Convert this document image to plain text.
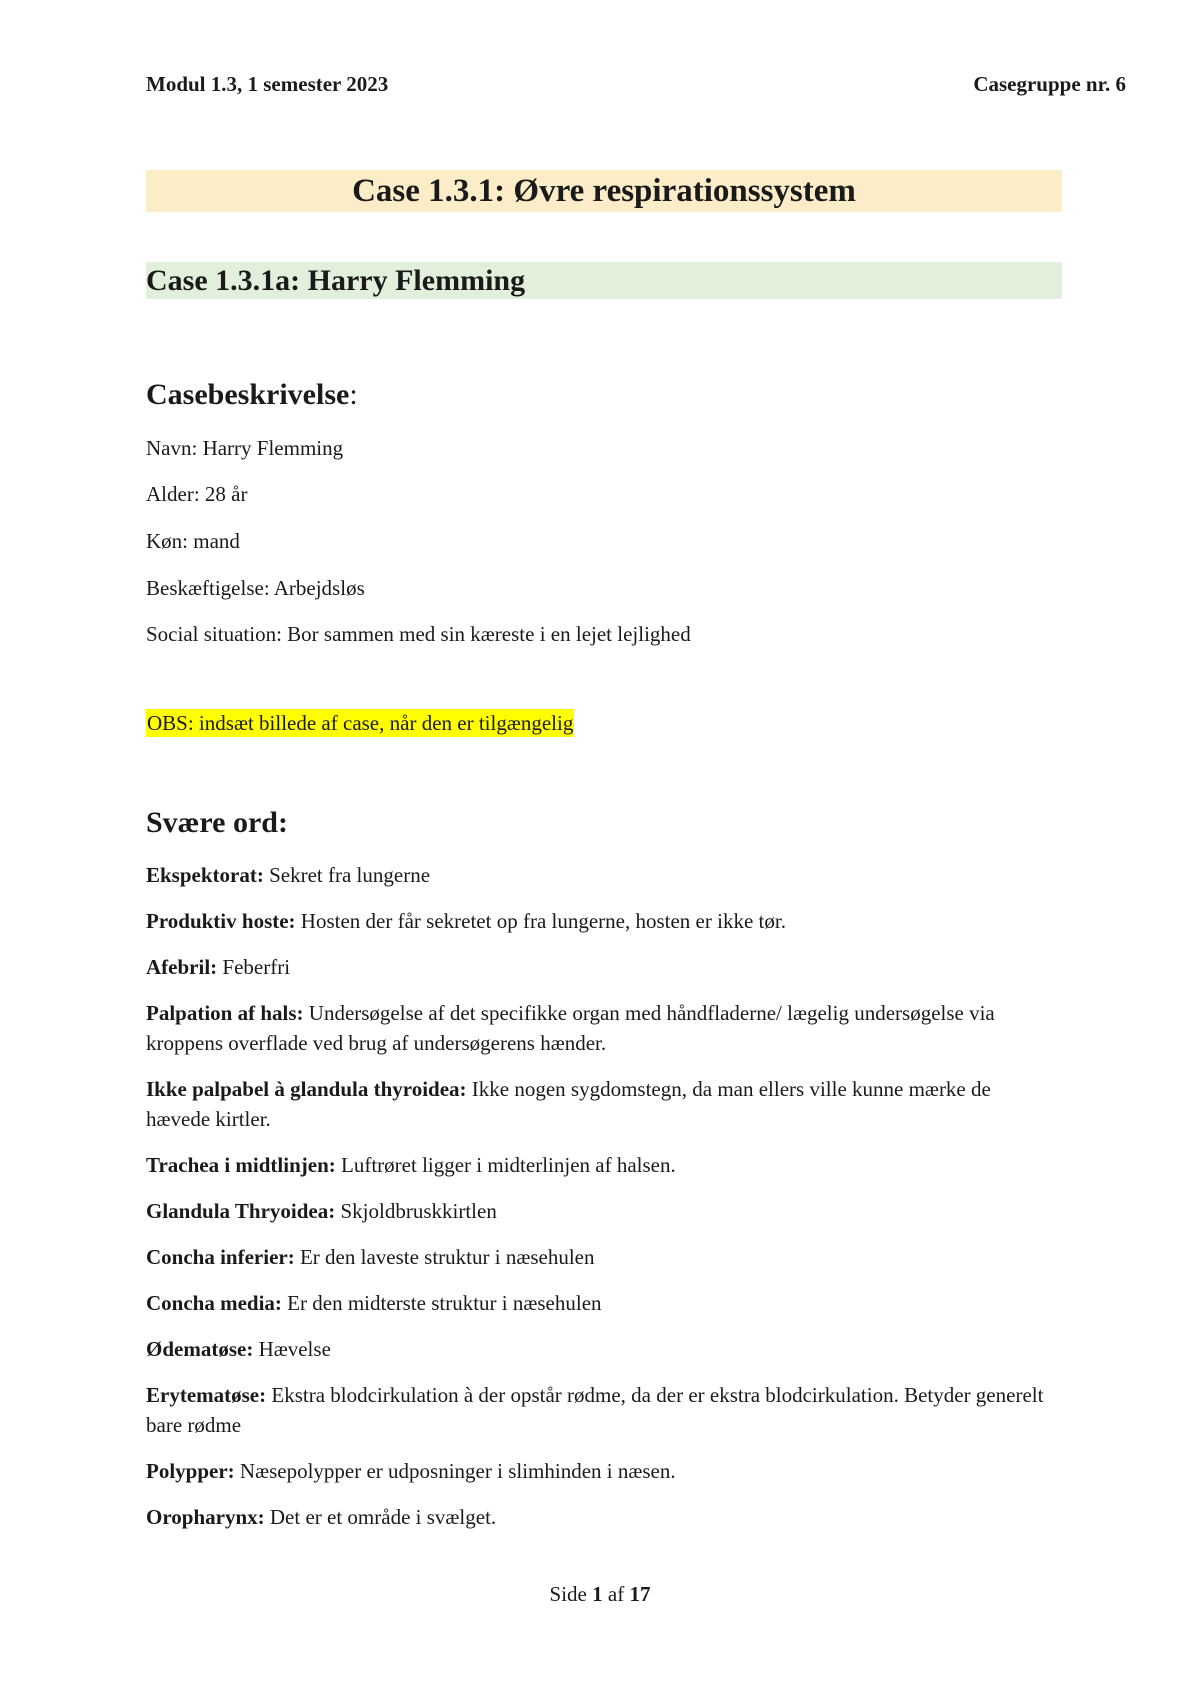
Modul 1.3, 1 semester 2023	Casegruppe nr. 6
Case 1.3.1: Øvre respirationssystem
Case 1.3.1a: Harry Flemming
Casebeskrivelse:
Navn: Harry Flemming
Alder: 28 år
Køn: mand
Beskæftigelse: Arbejdsløs
Social situation: Bor sammen med sin kæreste i en lejet lejlighed
OBS: indsæt billede af case, når den er tilgængelig
Svære ord:
Ekspektorat: Sekret fra lungerne
Produktiv hoste: Hosten der får sekretet op fra lungerne, hosten er ikke tør.
Afebril: Feberfri
Palpation af hals: Undersøgelse af det specifikke organ med håndfladerne/ lægelig undersøgelse via kroppens overflade ved brug af undersøgerens hænder.
Ikke palpabel à glandula thyroidea: Ikke nogen sygdomstegn, da man ellers ville kunne mærke de hævede kirtler.
Trachea i midtlinjen: Luftrøret ligger i midterlinjen af halsen.
Glandula Thryoidea: Skjoldbruskkirtlen
Concha inferier: Er den laveste struktur i næsehulen
Concha media: Er den midterste struktur i næsehulen
Ødematøse: Hævelse
Erytematøse: Ekstra blodcirkulation à der opstår rødme, da der er ekstra blodcirkulation. Betyder generelt bare rødme
Polypper: Næsepolypper er udposninger i slimhinden i næsen.
Oropharynx: Det er et område i svælget.
Side 1 af 17
